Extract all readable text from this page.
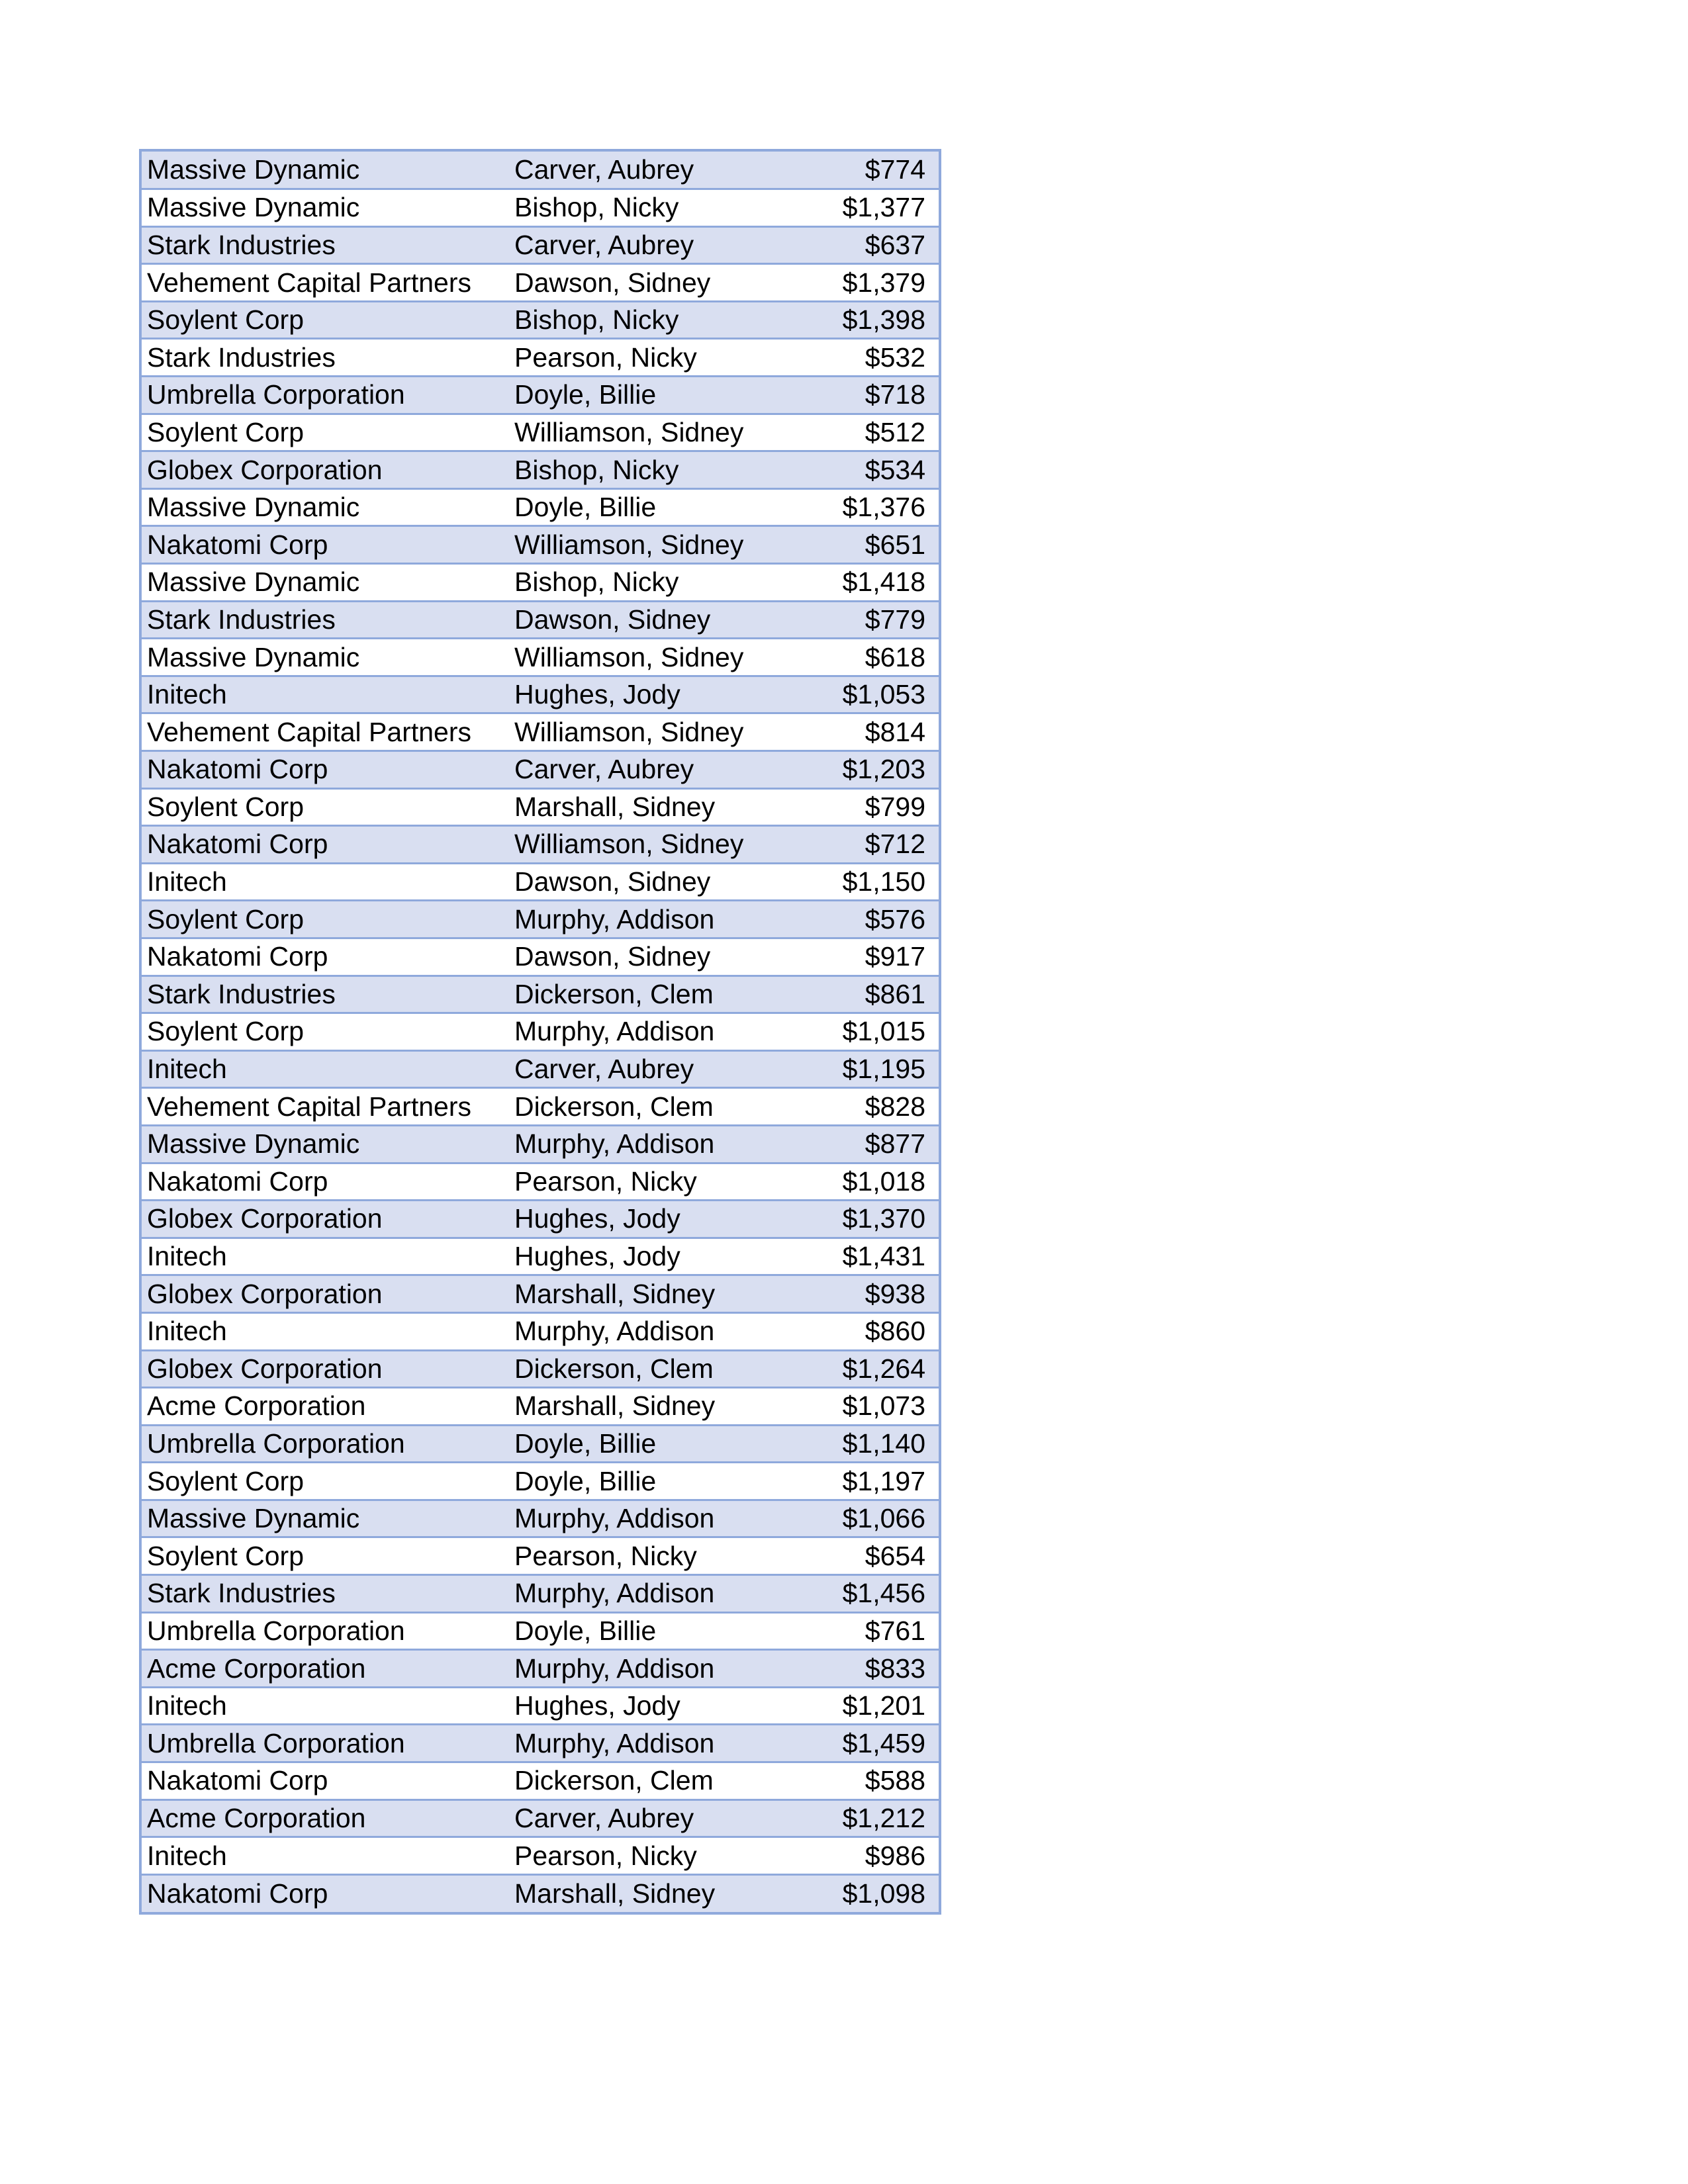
Massive Dynamic	Carver, Aubrey	$774
Massive Dynamic	Bishop, Nicky	$1,377
Stark Industries	Carver, Aubrey	$637
Vehement Capital Partners	Dawson, Sidney	$1,379
Soylent Corp	Bishop, Nicky	$1,398
Stark Industries	Pearson, Nicky	$532
Umbrella Corporation	Doyle, Billie	$718
Soylent Corp	Williamson, Sidney	$512
Globex Corporation	Bishop, Nicky	$534
Massive Dynamic	Doyle, Billie	$1,376
Nakatomi Corp	Williamson, Sidney	$651
Massive Dynamic	Bishop, Nicky	$1,418
Stark Industries	Dawson, Sidney	$779
Massive Dynamic	Williamson, Sidney	$618
Initech	Hughes, Jody	$1,053
Vehement Capital Partners	Williamson, Sidney	$814
Nakatomi Corp	Carver, Aubrey	$1,203
Soylent Corp	Marshall, Sidney	$799
Nakatomi Corp	Williamson, Sidney	$712
Initech	Dawson, Sidney	$1,150
Soylent Corp	Murphy, Addison	$576
Nakatomi Corp	Dawson, Sidney	$917
Stark Industries	Dickerson, Clem	$861
Soylent Corp	Murphy, Addison	$1,015
Initech	Carver, Aubrey	$1,195
Vehement Capital Partners	Dickerson, Clem	$828
Massive Dynamic	Murphy, Addison	$877
Nakatomi Corp	Pearson, Nicky	$1,018
Globex Corporation	Hughes, Jody	$1,370
Initech	Hughes, Jody	$1,431
Globex Corporation	Marshall, Sidney	$938
Initech	Murphy, Addison	$860
Globex Corporation	Dickerson, Clem	$1,264
Acme Corporation	Marshall, Sidney	$1,073
Umbrella Corporation	Doyle, Billie	$1,140
Soylent Corp	Doyle, Billie	$1,197
Massive Dynamic	Murphy, Addison	$1,066
Soylent Corp	Pearson, Nicky	$654
Stark Industries	Murphy, Addison	$1,456
Umbrella Corporation	Doyle, Billie	$761
Acme Corporation	Murphy, Addison	$833
Initech	Hughes, Jody	$1,201
Umbrella Corporation	Murphy, Addison	$1,459
Nakatomi Corp	Dickerson, Clem	$588
Acme Corporation	Carver, Aubrey	$1,212
Initech	Pearson, Nicky	$986
Nakatomi Corp	Marshall, Sidney	$1,098
